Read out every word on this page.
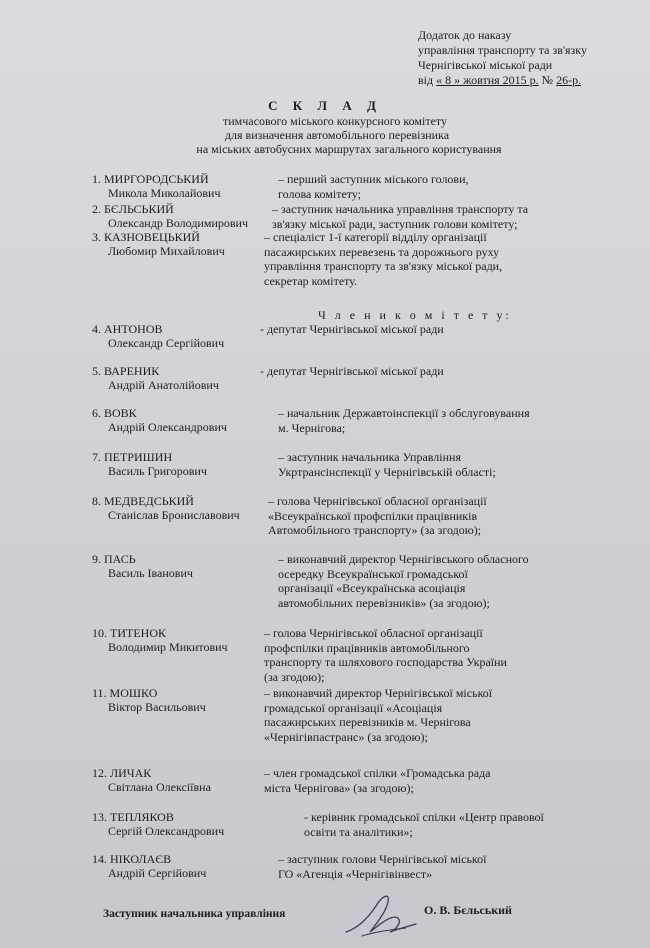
Додаток до наказу
управління транспорту та зв'язку
Чернігівської міської ради
від
« 8 » жовтня 2015 р.
№
26-р.
С К Л А Д
тимчасового міського конкурсного комітету
для визначення автомобільного перевізника
на міських автобусних маршрутах загального користування
1. МИРГОРОДСЬКИЙ
Микола Миколайович
– перший заступник міського голови,
голова комітету;
2. БЄЛЬСЬКИЙ
Олександр Володимирович
– заступник начальника управління транспорту та
зв'язку міської ради, заступник голови комітету;
3. КАЗНОВЕЦЬКИЙ
Любомир Михайлович
– спеціаліст 1-ї категорії відділу організації
пасажирських перевезень та дорожнього руху
управління транспорту та зв'язку міської ради,
секретар комітету.
Ч л е н и к о м і т е т у:
4. АНТОНОВ
Олександр Сергійович
- депутат Чернігівської міської ради
5. ВАРЕНИК
Андрій Анатолійович
- депутат Чернігівської міської ради
6. ВОВК
Андрій Олександрович
– начальник Державтоінспекції з обслуговування
м. Чернігова;
7. ПЕТРИШИН
Василь Григорович
– заступник начальника Управління
Укртрансінспекції у Чернігівській області;
8. МЕДВЕДСЬКИЙ
Станіслав Брониславович
– голова Чернігівської обласної організації
«Всеукраїнської профспілки працівників
Автомобільного транспорту» (за згодою);
9. ПАСЬ
Василь Іванович
– виконавчий директор Чернігівського обласного
осередку Всеукраїнської громадської
організації «Всеукраїнська асоціація
автомобільних перевізників» (за згодою);
10. ТИТЕНОК
Володимир Микитович
– голова Чернігівської обласної організації
профспілки працівників автомобільного
транспорту та шляхового господарства України
(за згодою);
11. МОШКО
Віктор Васильович
– виконавчий директор Чернігівської міської
громадської організації «Асоціація
пасажирських перевізників м. Чернігова
«Чернігівпастранс» (за згодою);
12. ЛИЧАК
Світлана Олексіївна
– член громадської спілки «Громадська рада
міста Чернігова» (за згодою);
13. ТЕПЛЯКОВ
Сергій Олександрович
- керівник громадської спілки «Центр правової
освіти та аналітики»;
14. НІКОЛАЄВ
Андрій Сергійович
– заступник голови Чернігівської міської
ГО «Агенція «Чернігівінвест»
Заступник начальника управління	О. В. Бєльський
